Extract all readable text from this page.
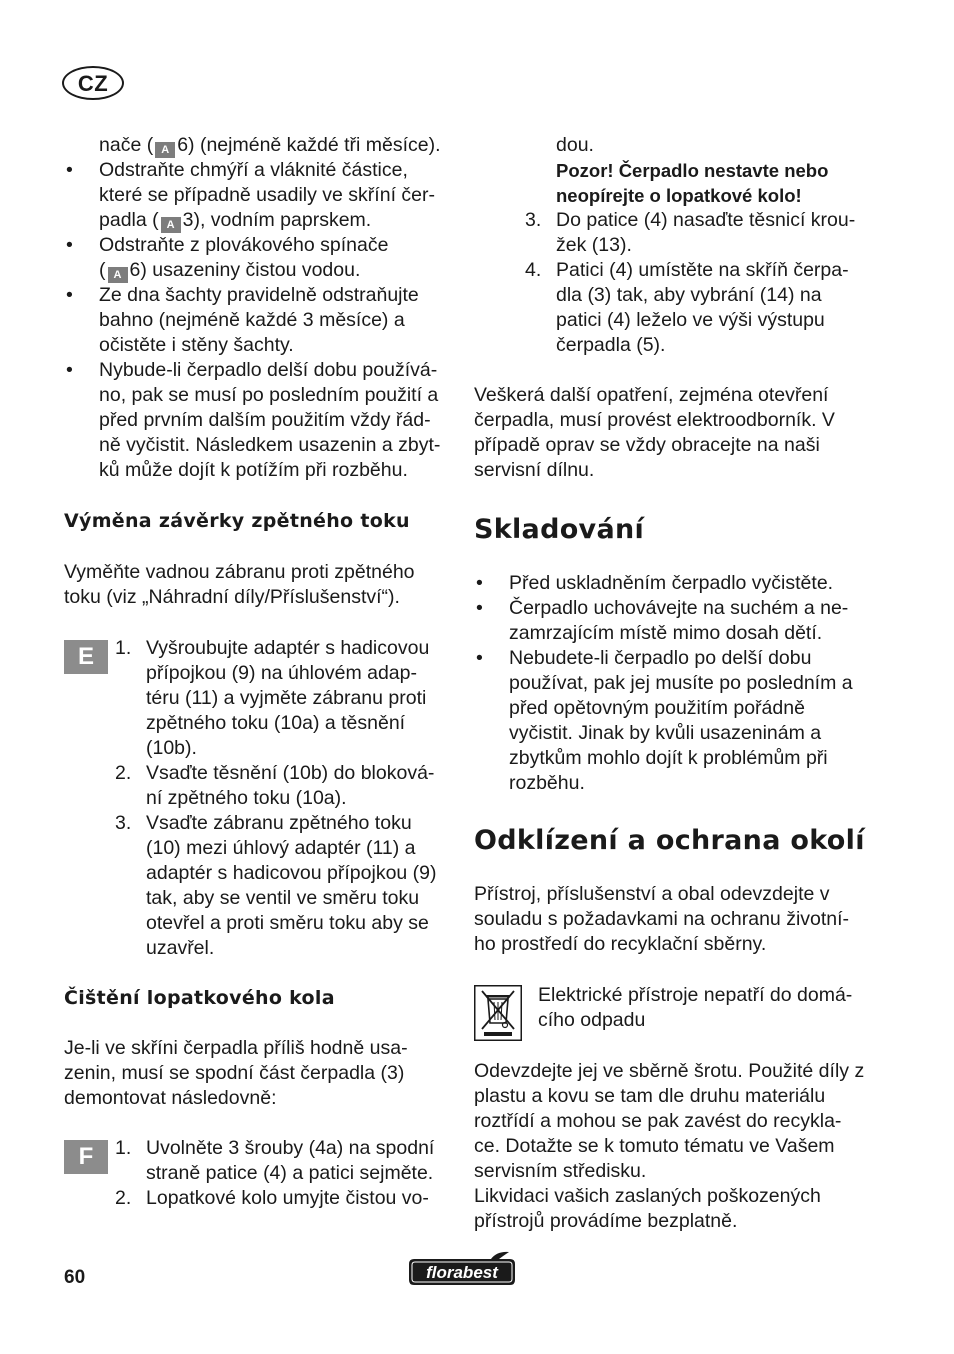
CZ

nače ( A 6) (nejméně každé tři měsíce).

• Odstraňte chmýří a vláknité částice, které se případně usadily ve skříní čer-
padla ( A 3), vodním paprskem.
• Odstraňte z plovákového spínače
( A 6) usazeniny čistou vodou.
• Ze dna šachty pravidelně odstraňujte bahno (nejméně každé 3 měsíce) a očistěte i stěny šachty.
• Nybude-li čerpadlo delší dobu používá-no, pak se musí po posledním použití a před prvním dalším použitím vždy řád-ně vyčistit. Následkem usazenin a zbyt-ků může dojít k potížím při rozběhu.
Výměna závěrky zpětného toku

Vyměňte vadnou zábranu proti zpětného toku (viz „Náhradní díly/Příslušenství“).

E	1. Vyšroubujte adaptér s hadicovou přípojkou (9) na úhlovém adap-téru (11) a vyjměte zábranu proti zpětného toku (10a) a těsnění (10b).
2. Vsaďte těsnění (10b) do bloková-ní zpětného toku (10a).
3. Vsaďte zábranu zpětného toku (10) mezi úhlový adaptér (11) a adaptér s hadicovou přípojkou (9) tak, aby se ventil ve směru toku otevřel a proti směru toku aby se uzavřel.
Čištění lopatkového kola

Je-li ve skříni čerpadla příliš hodně usa-zenin, musí se spodní část čerpadla (3) demontovat následovně:

F	1. Uvolněte 3 šrouby (4a) na spodní straně patice (4) a patici sejměte.
2. Lopatkové kolo umyjte čistou vo-

dou.

Pozor! Čerpadlo nestavte nebo neopírejte o lopatkové kolo!

3. Do patice (4) nasaďte těsnicí krou-žek (13).
4. Patici (4) umístěte na skříň čerpa-dla (3) tak, aby vybrání (14) na patici (4) leželo ve výši výstupu čerpadla (5).

Veškerá další opatření, zejména otevření čerpadla, musí provést elektroodborník. V případě oprav se vždy obracejte na naši servisní dílnu.

Skladování
• Před uskladněním čerpadlo vyčistěte.
• Čerpadlo uchovávejte na suchém a ne-zamrzajícím místě mimo dosah dětí.
• Nebudete-li čerpadlo po delší dobu používat, pak jej musíte po posledním a před opětovným použitím pořádně vyčistit. Jinak by kvůli usazeninám a zbytkům mohlo dojít k problémům při rozběhu.
Odklízení a ochrana okolí

Přístroj, příslušenství a obal odevzdejte v souladu s požadavkami na ochranu životní-ho prostředí do recyklační sběrny.

Elektrické přístroje nepatří do domá-cího odpadu

Odevzdejte jej ve sběrně šrotu. Použité díly z plastu a kovu se tam dle druhu materiálu roztřídí a mohou se pak zavést do recykla-ce. Dotažte se k tomuto tématu ve Vašem servisním středisku.

Likvidaci vašich zaslaných poškozených přístrojů provádíme bezplatně.

60	florabest
